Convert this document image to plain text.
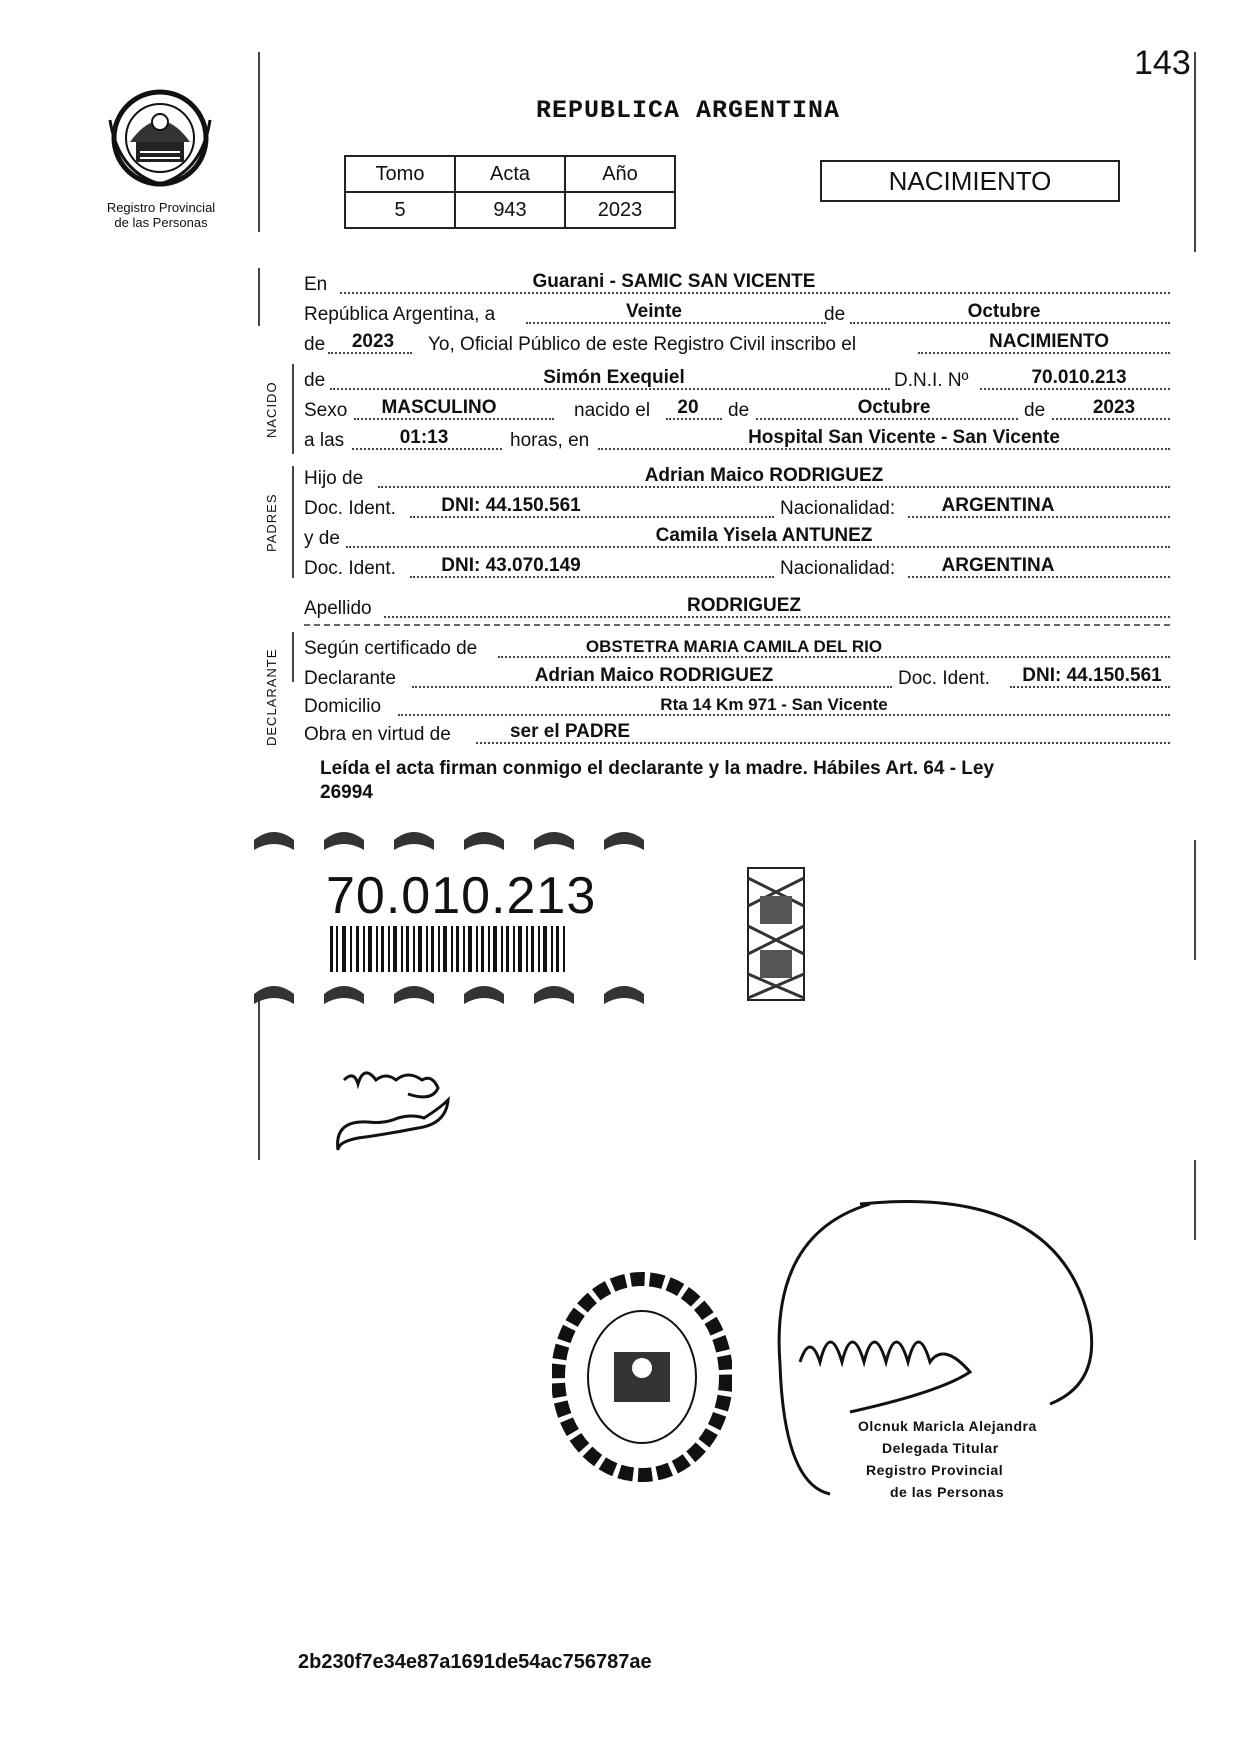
143
REPUBLICA ARGENTINA
Registro Provincial
de las Personas
Tomo	Acta	Año
5	943	2023
NACIMIENTO
NACIDO
PADRES
DECLARANTE
En	Guarani - SAMIC SAN VICENTE
República Argentina, a	Veinte	de	Octubre
de	2023	Yo, Oficial Público de este Registro Civil inscribo el	NACIMIENTO
de	Simón Exequiel	D.N.I. Nº	70.010.213
Sexo	MASCULINO	nacido el	20	de	Octubre	de	2023
a las	01:13	horas, en	Hospital San Vicente - San Vicente
Hijo de	Adrian Maico RODRIGUEZ
Doc. Ident.	DNI: 44.150.561	Nacionalidad:	ARGENTINA
y de	Camila Yisela ANTUNEZ
Doc. Ident.	DNI: 43.070.149	Nacionalidad:	ARGENTINA
Apellido	RODRIGUEZ
Según certificado de	OBSTETRA MARIA CAMILA DEL RIO
Declarante	Adrian Maico RODRIGUEZ	Doc. Ident.	DNI: 44.150.561
Domicilio	Rta 14 Km 971 - San Vicente
Obra en virtud de	ser el PADRE
Leída el acta firman conmigo el declarante y la madre. Hábiles Art. 64 - Ley
26994
70.010.213
Olcnuk Maricla Alejandra
Delegada Titular
Registro Provincial
de las Personas
2b230f7e34e87a1691de54ac756787ae
